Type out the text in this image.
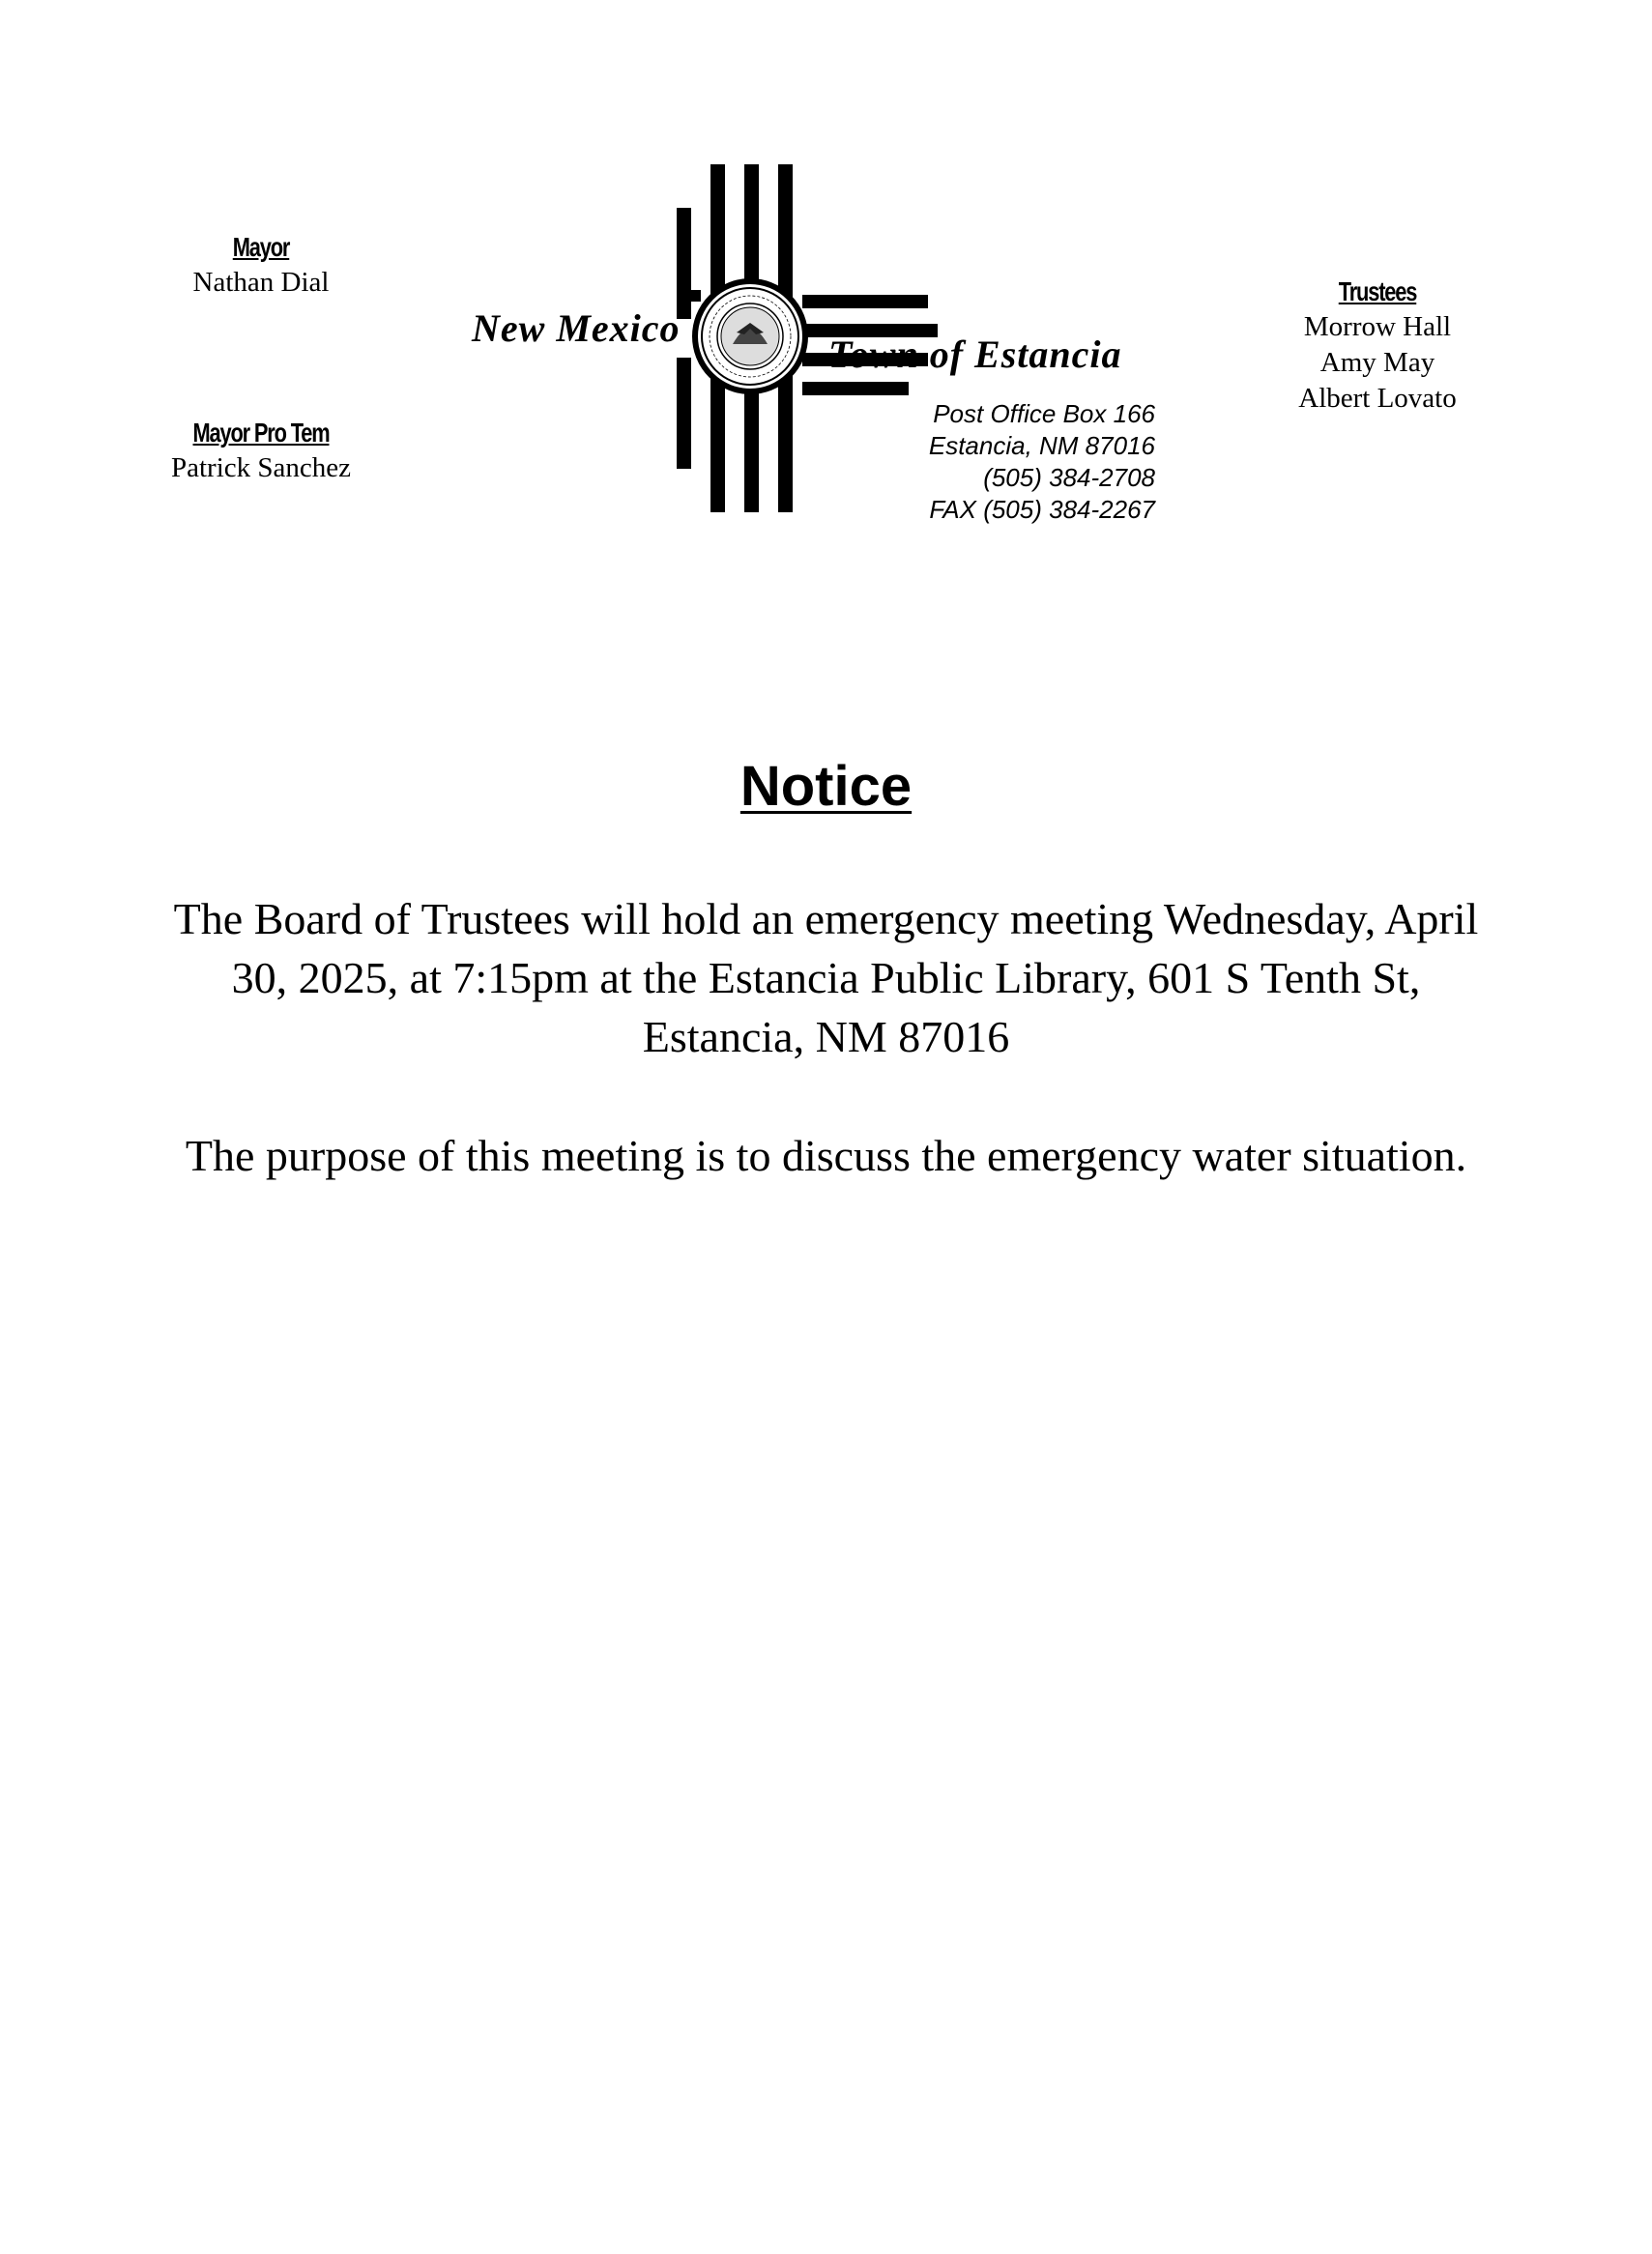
Mayor
Nathan Dial
Mayor Pro Tem
Patrick Sanchez
Trustees
Morrow Hall
Amy May
Albert Lovato
New Mexico
Town of Estancia
Post Office Box 166
Estancia, NM 87016
(505) 384-2708
FAX (505) 384-2267
Notice
The Board of Trustees will hold an emergency meeting Wednesday, April
30, 2025, at 7:15pm at the Estancia Public Library, 601 S Tenth St,
Estancia, NM 87016
The purpose of this meeting is to discuss the emergency water situation.
